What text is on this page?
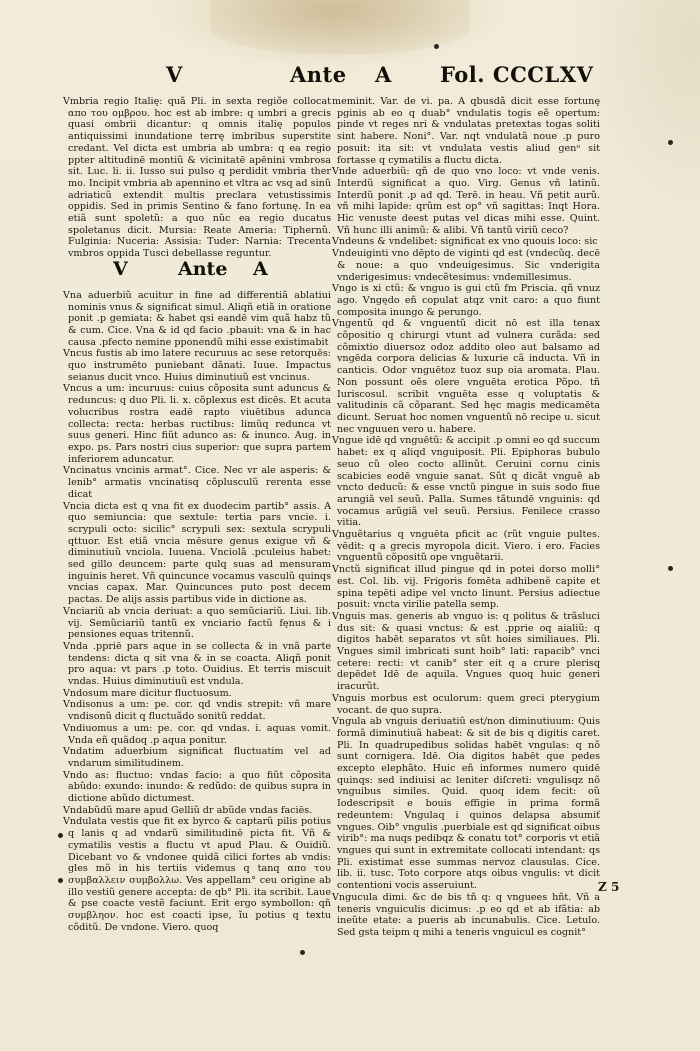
V	Ante A Fol. CCCLXV

Vmbria regio Italię: quã Pli. in sexta regiõe collocat απο του ομβρου. hoc est ab imbre: q umbri a grecis quasi ombrii dicantur: q omnis italię populos antiquissimi inundatione terrę imbribus superstite credant. Vel dicta est umbria ab umbra: q ea regio ppter altitudinē montiũ & vicinitatē apēnini vmbrosa sit. Luc. li. ii. Iusso sui pulso q perdidit vmbria ther mo. Incipit vmbria ab apennino et vltra ac vsq ad sinũ adriaticũ extendit multis preclara vetustissimis oppidis. Sed in primis Sentino & fano fortunę. In ea etiã sunt spoletũ: a quo nũc ea regio ducatus spoletanus dicit. Mursia: Reate Ameria: Tiphernũ. Fulginia: Nuceria: Assisia: Tuder: Narnia: Trecenta vmbros oppida Tusci debellasse reguntur.

V	Ante A

Vna aduerbiũ acuitur in fine ad differentiã ablatiui nominis vnus & significat simul. Aliqñ etiã in oratione ponit .p gemiata: & habet qsi eandē vim quã habz tũ & cum. Cice. Vna & id qd facio .pbauit: vna & in hac causa .pfecto nemine pponendũ mihi esse existimabit

Vncus fustis ab imo latere recuruus ac sese retorquēs: quo instrumēto puniebant dãnati. Iuue. Impactus seianus ducit vnco. Huius diminutiuũ est vncinus.

Vncus a um: incuruus: cuius cõposita sunt aduncus & reduncus: q duo Pli. li. x. cõplexus est dicēs. Et acuta volucribus rostra eadē rapto viuētibus adunca collecta: recta: herbas ructibus: limũq redunca vt suus generi. Hinc fiũt adunco as: & inunco. Aug. in expo. ps. Pars nostri cius superior: que supra partem inferiorem aduncatur.

Vncinatus vncinis armat°. Cice. Nec vr ale asperis: & lenib° armatis vncinatisq cõplusculũ rerenta esse dicat

Vncia dicta est q vna fit ex duodecim partib° assis. A quo semiuncia: que sextule: tertia pars vncie. i. scrypuli octo: sicilic° scrypuli sex: sextula scrypuli qttuor. Est etiã vncia mēsure genus exigue vñ & diminutiuũ vnciola. Iuuena. Vnciolã .pculeius habet: sed gillo deuncem: parte qulq suas ad mensuram inguinis heret. Vñ quincunce vocamus vasculũ quinqs vncias capax. Mar. Quincunces puto post decem pactas. De alijs assis partibus vide in dictione as.

Vnciariũ ab vncia deriuat: a quo semũciariũ. Liui. lib. vij. Semũciariũ tantũ ex vnciario factũ fęnus & i pensiones equas tritennũ.

Vnda .ppriē pars aque in se collecta & in vnã parte tendens: dicta q sit vna & in se coacta. Aliqñ ponit pro aqua: vt pars .p toto. Ouidius. Et terris miscuit vndas. Huius diminutiuũ est vndula.

Vndosum mare dicitur fluctuosum.

Vndisonus a um: pe. cor. qd vndis strepit: vñ mare vndisonũ dicit q fluctuãdo sonitũ reddat.

Vndiuomus a um: pe. cor. qd vndas. i. aquas vomit. Vnda eñ quãdoq .p aqua ponitur.

Vndatim aduerbium significat fluctuatim vel ad vndarum similitudinem.

Vndo as: fluctuo: vndas facio: a quo fiũt cõposita abũdo: exundo: inundo: & redũdo: de quibus supra in dictione abũdo dictumest.

Vndabũdũ mare apud Gelliũ dr abũde vndas faciēs.

Vndulata vestis que fit ex byrco & captarũ pilis potius q lanis q ad vndarũ similitudinē picta fit. Vñ & cymatilis vestis a fluctu vt apud Plau. & Ouidiũ. Dicebant vo & vndonee quidã cilici fortes ab vndis: gles mõ in his tertiis videmus q tanq απο του συμβαλλειν συμβολλω. Ves appellam° ceu origine ab illo vestiũ genere accepta: de qb° Pli. ita scribit. Laue & pse coacte vestẽ faciunt. Erit ergo symbollon: qñ συμβληον. hoc est coacti ipse, ĩu potius q textu cõditũ. De vndone. Viero. quoq

meminit. Var. de vi. pa. A qbusdã dicit esse fortunę pginis ab eo q duab° vndulatis togis eẽ opertum: pinde vt reges nri & vndulatas pretextas togas soliti sint habere. Noni°. Var. nqt vndulatã noue .p puro posuit: ita sit: vt vndulata vestis aliud genᵒ sit fortasse q cymatilis a fluctu dicta.

Vnde aduerbiũ: qñ de quo vno loco: vt vnde venis. Interdũ significat a quo. Virg. Genus vñ latinũ. Interdũ ponit .p ad qd. Terē. in heau. Vñ petit aurũ. vñ mihi lapide: qrũm est op° vñ sagittas: Inqt Hora. Hic venuste deest putas vel dicas mihi esse. Quint. Vñ hunc illi animũ: & alibi. Vñ tantũ viriũ ceco?

Vndeuns & vndelibet: significat ex vno quouis loco: sic

Vndeuiginti vno dēpto de viginti qd est (vndecũq. decē & noue: a quo vndeuigesimus. Sic vnderigita vnderigesimus: vndecẽtesimus: vndemillesimus.

Vngo is xi ctũ: & vnguo is gui ctũ fm Priscia. qñ vnuz ago. Vngędo eñ copulat atqz vnit caro: a quo fiunt composita inungo & perungo.

Vngentũ qd & vnguentũ dicit nō est illa tenax cõpositio q chirurgi vtunt ad vulnera curãda: sed cõmixtio diuersoz odoz addito oleo aut balsamo ad vngēda corpora delicias & luxurie cã inducta. Vñ in canticis. Odor vnguētoz tuoz sup oia aromata. Plau. Non possunt oẽs olere vnguēta erotica Põpo. tñ Iuriscosul. scribit vnguēta esse q voluptatis & valitudinis cã cõparant. Sed hęc magis medicamēta dicunt. Seruat hoc nomen vnguentũ nō recipe u. sicut nec vnguuen vero u. habere.

Vngue idē qd vnguētũ: & accipit .p omni eo qd succum habet: ex q aliqd vnguiposit. Pli. Epiphoras bubulo seuo cũ oleo cocto allinũt. Ceruini cornu cinis scabicies eodē vnguie sanat. Sũt q dicãt vnguẽ ab vncto deducũ: & esse vnctũ pingue in suis sodo fiue arungiã vel seuũ. Palla. Sumes tãtundē vnguinis: qd vocamus arũgiã vel seuũ. Persius. Fenilece crasso vitia.

Vnguẽtarius q vnguēta pficit ac (rũt vnguie pultes. vēdit: q a grecis myropola dicit. Viero. i ero. Facies vnguentũ cõpositũ ope vnguẽtarii.

Vnctũ significat illud pingue qd in potei dorso molli° est. Col. lib. vij. Frigoris fomēta adhibenĕ capite et spina tepēti adipe vel vncto linunt. Persius adiectue posuit: vncta virilie patella semp.

Vnguis mas. generis ab vnguo is: q politus & trãsluci dus sit: & quasi vnctus: & est .pprie oq aialiũ: q digitos habēt separatos vt sũt hoies similiaues. Pli. Vngues simil imbricati sunt hoib° lati: rapacib° vnci cetere: recti: vt canib° ster eit q a crure plerisq depēdet Idē de aquila. Vngues quoq huic generi iracurũt.

Vnguis morbus est oculorum: quem greci pterygium vocant. de quo supra.

Vngula ab vnguis deriuatiũ est/non diminutiuum: Quis formã diminutiuã habeat: & sit de bis q digitis caret. Pli. In quadrupedibus solidas habēt vngulas: q nõ sunt cornigera. Idē. Oia digitos habēt que pedes excepto elephãto. Huic eñ informes numero quidē quinqs: sed indiuisi ac leniter diſcreti: vngulisqz nõ vnguibus similes. Quid. quoq idem fecit: oũ Iodescripsit e bouis effigie in prima formã redeuntem: Vngulaq i quinos delapsa absumiť vngues. Oib° vngulis .puerbiale est qd significat oibus virib°: ma nuqs pedibqz & conatu tot° corporis vt etiã vngues qui sunt in extremitate collocati intendant: qs Pli. existimat esse summas nervoz clausulas. Cice. lib. ii. tusc. Toto corpore atqs oibus vngulis: vt dicit contentioni vocis asseruiunt.

Vngucula dimi. &c de bis tñ q: q vnguees hñt. Vñ a teneris vnguiculis dicimus: .p eo qd et ab ifãtia: ab ineũte etate: a pueris ab incunabulis. Cice. Letulo. Sed gsta teipm q mihi a teneris vnguicul es cognit°

Z 5
